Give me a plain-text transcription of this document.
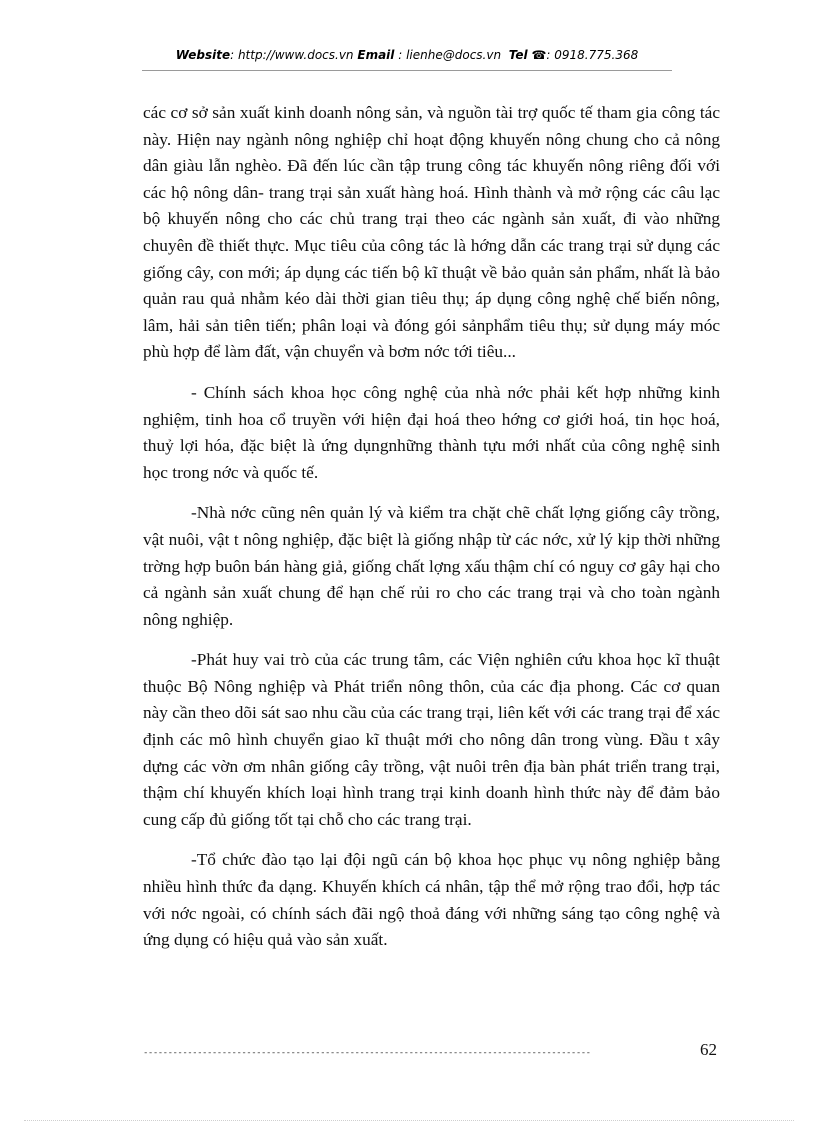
Website: http://www.docs.vn Email : lienhe@docs.vn Tel ☎: 0918.775.368

các cơ sở sản xuất kinh doanh nông sản, và nguồn tài trợ quốc tế tham gia công tác này. Hiện nay ngành nông nghiệp chỉ hoạt động khuyến nông chung cho cả nông dân giàu lẫn nghèo. Đã đến lúc cần tập trung công tác khuyến nông riêng đối với các hộ nông dân- trang trại sản xuất hàng hoá. Hình thành và mở rộng các câu lạc bộ khuyến nông cho các chủ trang trại theo các ngành sản xuất, đi vào những chuyên đề thiết thực. Mục tiêu của công tác là hớng dẫn các trang trại sử dụng các giống cây, con mới; áp dụng các tiến bộ kĩ thuật về bảo quản sản phẩm, nhất là bảo quản rau quả nhằm kéo dài thời gian tiêu thụ; áp dụng công nghệ chế biến nông, lâm, hải sản tiên tiến; phân loại và đóng gói sảnphẩm tiêu thụ; sử dụng máy móc phù hợp để làm đất, vận chuyển và bơm nớc tới tiêu...

- Chính sách khoa học công nghệ của nhà nớc phải kết hợp những kinh nghiệm, tinh hoa cổ truyền với hiện đại hoá theo hớng cơ giới hoá, tin học hoá, thuỷ lợi hóa, đặc biệt là ứng dụngnhững thành tựu mới nhất của công nghệ sinh học trong nớc và quốc tế.

-Nhà nớc cũng nên quản lý và kiểm tra chặt chẽ chất lợng giống cây trồng, vật nuôi, vật t nông nghiệp, đặc biệt là giống nhập từ các nớc, xử lý kịp thời những trờng hợp buôn bán hàng giả, giống chất lợng xấu thậm chí có nguy cơ gây hại cho cả ngành sản xuất chung để hạn chế rủi ro cho các trang trại và cho toàn ngành nông nghiệp.

-Phát huy vai trò của các trung tâm, các Viện nghiên cứu khoa học kĩ thuật thuộc Bộ Nông nghiệp và Phát triển nông thôn, của các địa phong. Các cơ quan này cần theo dõi sát sao nhu cầu của các trang trại, liên kết với các trang trại để xác định các mô hình chuyển giao kĩ thuật mới cho nông dân trong vùng. Đầu t xây dựng các vờn ơm nhân giống cây trồng, vật nuôi trên địa bàn phát triển trang trại, thậm chí khuyến khích loại hình trang trại kinh doanh hình thức này để đảm bảo cung cấp đủ giống tốt tại chỗ cho các trang trại.

-Tổ chức đào tạo lại đội ngũ cán bộ khoa học phục vụ nông nghiệp bằng nhiều hình thức đa dạng. Khuyến khích cá nhân, tập thể mở rộng trao đổi, hợp tác với nớc ngoài, có chính sách đãi ngộ thoả đáng với những sáng tạo công nghệ và ứng dụng có hiệu quả vào sản xuất.

-------------------------------------------------------------------------------------------	62
